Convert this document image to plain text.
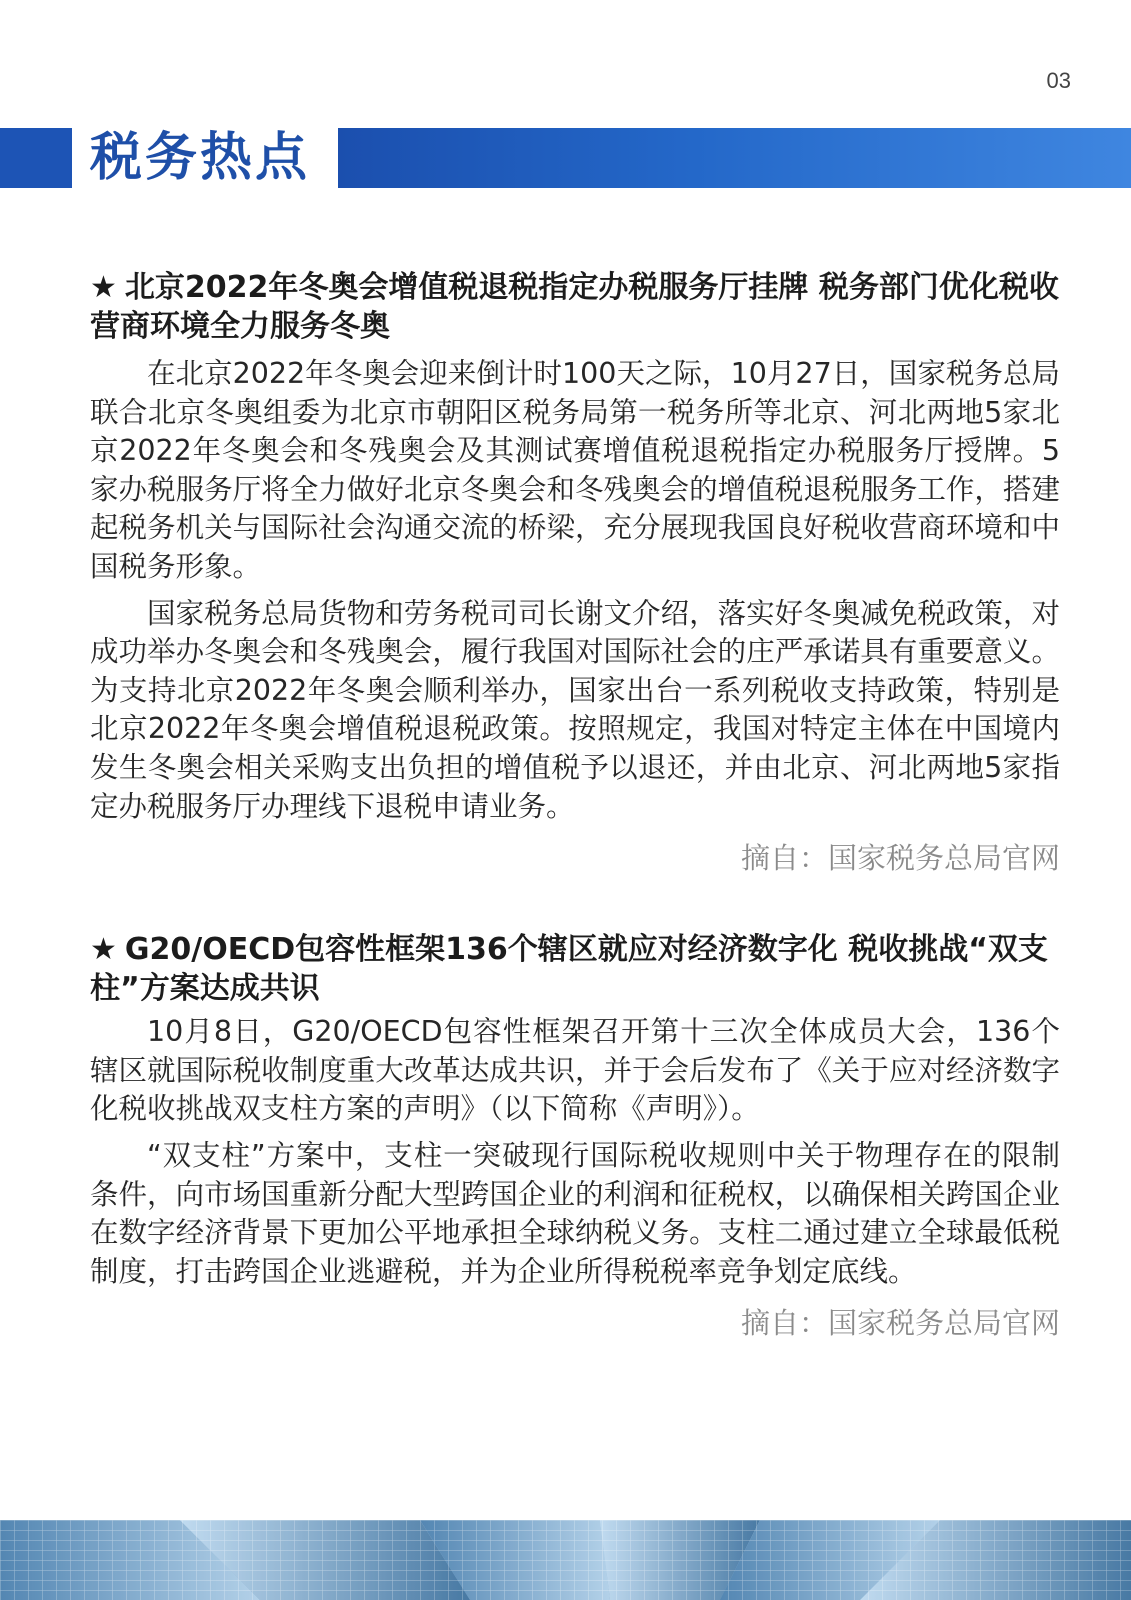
03
税务热点
★ 北京2022年冬奥会增值税退税指定办税服务厅挂牌 税务部门优化税收营商环境全力服务冬奥

在北京2022年冬奥会迎来倒计时100天之际，10月27日，国家税务总局联合北京冬奥组委为北京市朝阳区税务局第一税务所等北京、河北两地5家北京2022年冬奥会和冬残奥会及其测试赛增值税退税指定办税服务厅授牌。5家办税服务厅将全力做好北京冬奥会和冬残奥会的增值税退税服务工作，搭建起税务机关与国际社会沟通交流的桥梁，充分展现我国良好税收营商环境和中国税务形象。

国家税务总局货物和劳务税司司长谢文介绍，落实好冬奥减免税政策，对成功举办冬奥会和冬残奥会，履行我国对国际社会的庄严承诺具有重要意义。为支持北京2022年冬奥会顺利举办，国家出台一系列税收支持政策，特别是北京2022年冬奥会增值税退税政策。按照规定，我国对特定主体在中国境内发生冬奥会相关采购支出负担的增值税予以退还，并由北京、河北两地5家指定办税服务厅办理线下退税申请业务。

摘自：国家税务总局官网
★ G20/OECD包容性框架136个辖区就应对经济数字化 税收挑战“双支柱”方案达成共识

10月8日，G20/OECD包容性框架召开第十三次全体成员大会，136个辖区就国际税收制度重大改革达成共识，并于会后发布了《关于应对经济数字化税收挑战双支柱方案的声明》（以下简称《声明》）。

“双支柱”方案中，支柱一突破现行国际税收规则中关于物理存在的限制条件，向市场国重新分配大型跨国企业的利润和征税权，以确保相关跨国企业在数字经济背景下更加公平地承担全球纳税义务。支柱二通过建立全球最低税制度，打击跨国企业逃避税，并为企业所得税税率竞争划定底线。

摘自：国家税务总局官网
